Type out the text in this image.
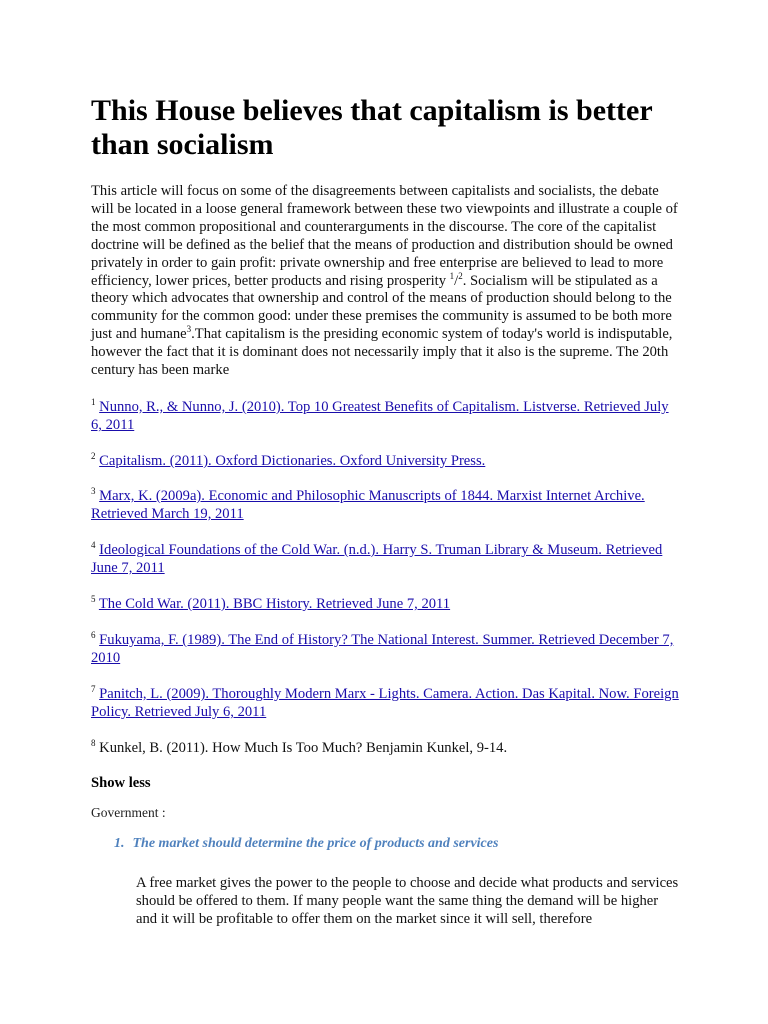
This House believes that capitalism is better than socialism

This article will focus on some of the disagreements between capitalists and socialists, the debate will be located in a loose general framework between these two viewpoints and illustrate a couple of the most common propositional and counterarguments in the discourse. The core of the capitalist doctrine will be defined as the belief that the means of production and distribution should be owned privately in order to gain profit: private ownership and free enterprise are believed to lead to more efficiency, lower prices, better products and rising prosperity $^1$/$^2$. Socialism will be stipulated as a theory which advocates that ownership and control of the means of production should belong to the community for the common good: under these premises the community is assumed to be both more just and humane$^3$.That capitalism is the presiding economic system of today's world is indisputable, however the fact that it is dominant does not necessarily imply that it also is the supreme. The 20th century has been marke

$^1$ Nunno, R., & Nunno, J. (2010). Top 10 Greatest Benefits of Capitalism. Listverse. Retrieved July 6, 2011

$^2$ Capitalism. (2011). Oxford Dictionaries. Oxford University Press.

$^3$ Marx, K. (2009a). Economic and Philosophic Manuscripts of 1844. Marxist Internet Archive. Retrieved March 19, 2011

$^4$ Ideological Foundations of the Cold War. (n.d.). Harry S. Truman Library & Museum. Retrieved June 7, 2011

$^5$ The Cold War. (2011). BBC History. Retrieved June 7, 2011

$^6$ Fukuyama, F. (1989). The End of History? The National Interest. Summer. Retrieved December 7, 2010

$^7$ Panitch, L. (2009). Thoroughly Modern Marx - Lights. Camera. Action. Das Kapital. Now. Foreign Policy. Retrieved July 6, 2011

$^8$ Kunkel, B. (2011). How Much Is Too Much? Benjamin Kunkel, 9-14.

Show less

Government :

1. The market should determine the price of products and services

A free market gives the power to the people to choose and decide what products and services should be offered to them. If many people want the same thing the demand will be higher and it will be profitable to offer them on the market since it will sell, therefore
